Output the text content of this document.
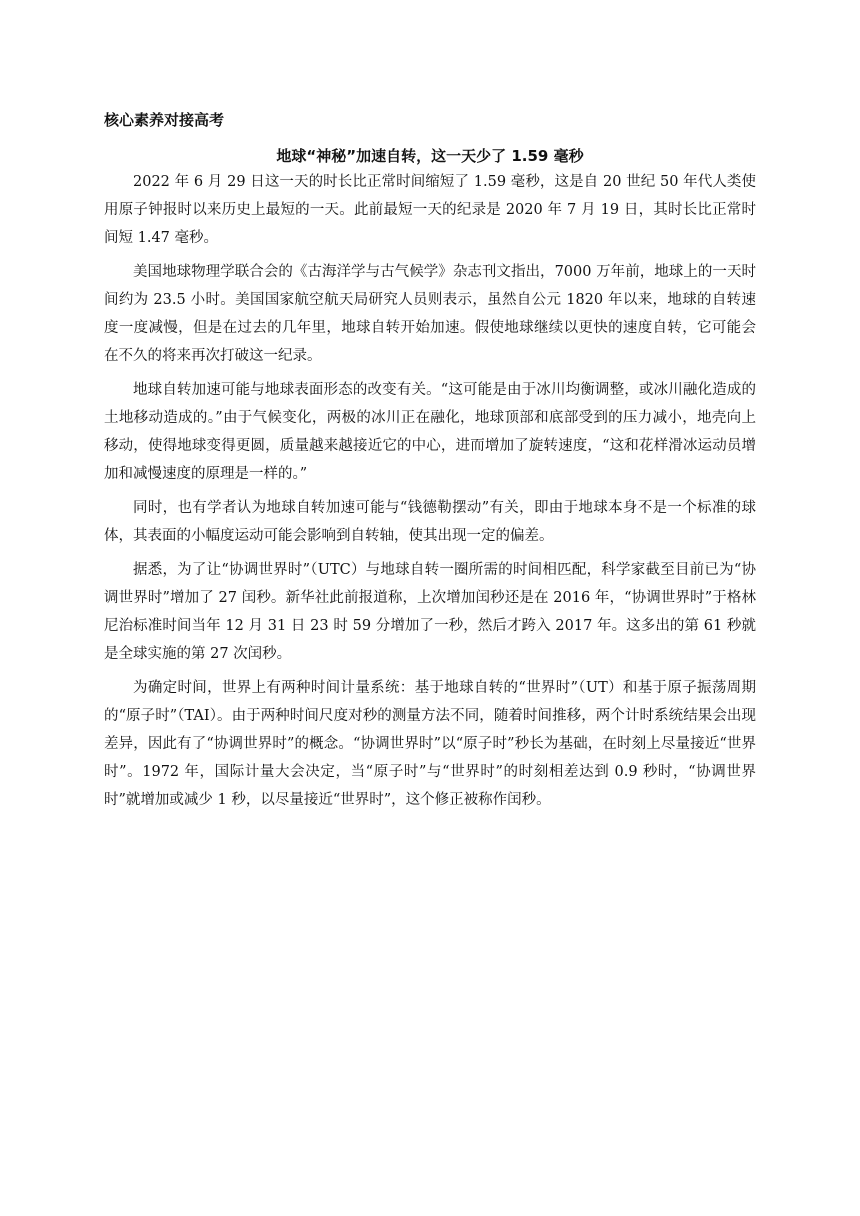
核心素养对接高考
地球“神秘”加速自转，这一天少了 1.59 毫秒

2022 年 6 月 29 日这一天的时长比正常时间缩短了 1.59 毫秒，这是自 20 世纪 50 年代人类使用原子钟报时以来历史上最短的一天。此前最短一天的纪录是 2020 年 7 月 19 日，其时长比正常时间短 1.47 毫秒。

美国地球物理学联合会的《古海洋学与古气候学》杂志刊文指出，7000 万年前，地球上的一天时间约为 23.5 小时。美国国家航空航天局研究人员则表示，虽然自公元 1820 年以来，地球的自转速度一度减慢，但是在过去的几年里，地球自转开始加速。假使地球继续以更快的速度自转，它可能会在不久的将来再次打破这一纪录。

地球自转加速可能与地球表面形态的改变有关。“这可能是由于冰川均衡调整，或冰川融化造成的土地移动造成的。”由于气候变化，两极的冰川正在融化，地球顶部和底部受到的压力减小，地壳向上移动，使得地球变得更圆，质量越来越接近它的中心，进而增加了旋转速度，“这和花样滑冰运动员增加和减慢速度的原理是一样的。”

同时，也有学者认为地球自转加速可能与“钱德勒摆动”有关，即由于地球本身不是一个标准的球体，其表面的小幅度运动可能会影响到自转轴，使其出现一定的偏差。

据悉，为了让“协调世界时”（UTC）与地球自转一圈所需的时间相匹配，科学家截至目前已为“协调世界时”增加了 27 闰秒。新华社此前报道称，上次增加闰秒还是在 2016 年，“协调世界时”于格林尼治标准时间当年 12 月 31 日 23 时 59 分增加了一秒，然后才跨入 2017 年。这多出的第 61 秒就是全球实施的第 27 次闰秒。

为确定时间，世界上有两种时间计量系统：基于地球自转的“世界时”（UT）和基于原子振荡周期的“原子时”（TAI）。由于两种时间尺度对秒的测量方法不同，随着时间推移，两个计时系统结果会出现差异，因此有了“协调世界时”的概念。“协调世界时”以“原子时”秒长为基础，在时刻上尽量接近“世界时”。1972 年，国际计量大会决定，当“原子时”与“世界时”的时刻相差达到 0.9 秒时，“协调世界时”就增加或减少 1 秒，以尽量接近“世界时”，这个修正被称作闰秒。
